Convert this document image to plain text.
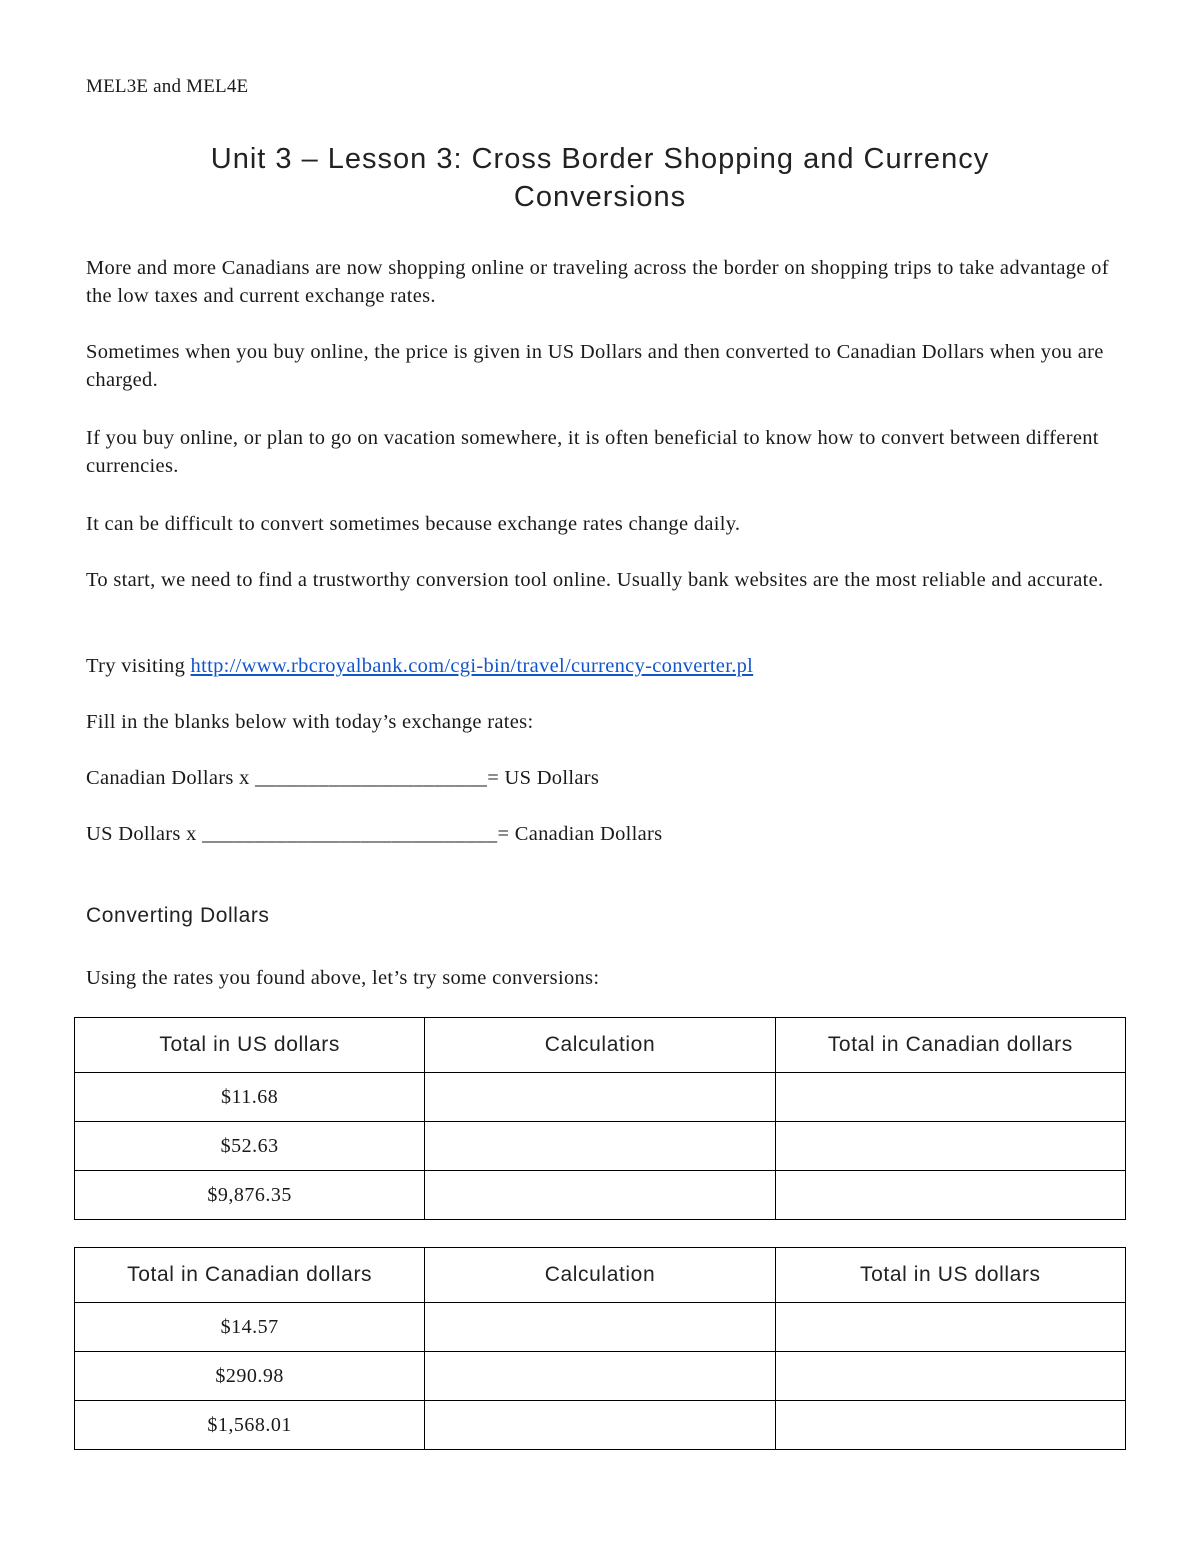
MEL3E and MEL4E
Unit 3 – Lesson 3: Cross Border Shopping and Currency
Conversions
More and more Canadians are now shopping online or traveling across the border on shopping trips to take advantage of the low taxes and current exchange rates.
Sometimes when you buy online, the price is given in US Dollars and then converted to Canadian Dollars when you are charged.
If you buy online, or plan to go on vacation somewhere, it is often beneficial to know how to convert between different currencies.
It can be difficult to convert sometimes because exchange rates change daily.
To start, we need to find a trustworthy conversion tool online. Usually bank websites are the most reliable and accurate.
Try visiting http://www.rbcroyalbank.com/cgi-bin/travel/currency-converter.pl
Fill in the blanks below with today’s exchange rates:
Canadian Dollars x ______________________= US Dollars
US Dollars x ____________________________= Canadian Dollars
Converting Dollars
Using the rates you found above, let’s try some conversions:
Total in US dollars	Calculation	Total in Canadian dollars
$11.68		
$52.63		
$9,876.35		
Total in Canadian dollars	Calculation	Total in US dollars
$14.57		
$290.98		
$1,568.01		
